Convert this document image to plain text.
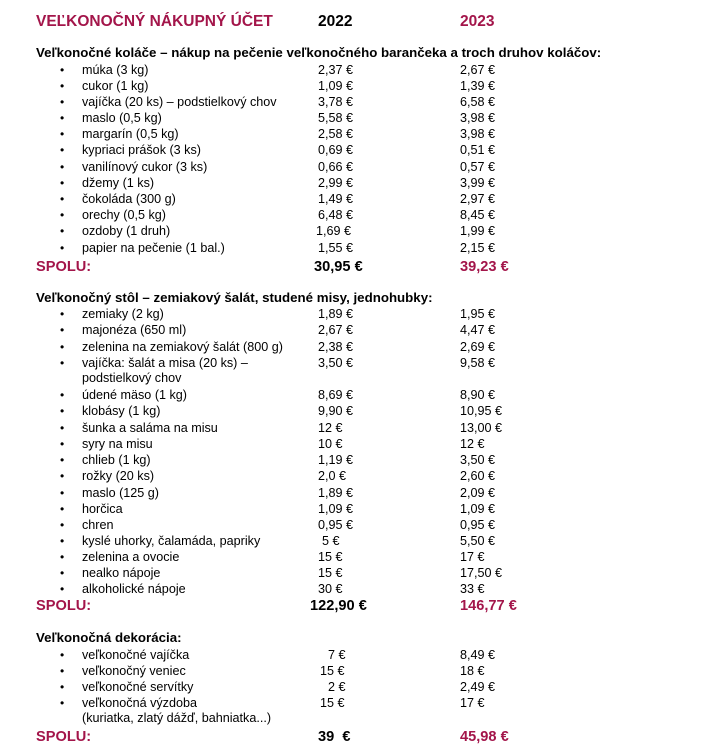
VEĽKONOČNÝ NÁKUPNÝ ÚČET	2022	2023
Veľkonočné koláče – nákup na pečenie veľkonočného barančeka a troch druhov koláčov:
• múka (3 kg)	2,37 €	2,67 €
• cukor (1 kg)	1,09 €	1,39 €
• vajíčka (20 ks) – podstielkový chov	3,78 €	6,58 €
• maslo (0,5 kg)	5,58 €	3,98 €
• margarín (0,5 kg)	2,58 €	3,98 €
• kypriaci prášok (3 ks)	0,69 €	0,51 €
• vanilínový cukor (3 ks)	0,66 €	0,57 €
• džemy (1 ks)	2,99 €	3,99 €
• čokoláda (300 g)	1,49 €	2,97 €
• orechy (0,5 kg)	6,48 €	8,45 €
• ozdoby (1 druh)	1,69 €	1,99 €
• papier na pečenie (1 bal.)	1,55 €	2,15 €
SPOLU:	30,95 €	39,23 €
Veľkonočný stôl – zemiakový šalát, studené misy, jednohubky:
• zemiaky (2 kg)	1,89 €	1,95 €
• majonéza (650 ml)	2,67 €	4,47 €
• zelenina na zemiakový šalát (800 g)	2,38 €	2,69 €
• vajíčka: šalát a misa (20 ks) –	3,50 €	9,58 €
podstielkový chov
• údené mäso (1 kg)	8,69 €	8,90 €
• klobásy (1 kg)	9,90 €	10,95 €
• šunka a saláma na misu	12 €	13,00 €
• syry na misu	10 €	12 €
• chlieb (1 kg)	1,19 €	3,50 €
• rožky (20 ks)	2,0 €	2,60 €
• maslo (125 g)	1,89 €	2,09 €
• horčica	1,09 €	1,09 €
• chren	0,95 €	0,95 €
• kyslé uhorky, čalamáda, papriky	5 €	5,50 €
• zelenina a ovocie	15 €	17 €
• nealko nápoje	15 €	17,50 €
• alkoholické nápoje	30 €	33 €
SPOLU:	122,90 €	146,77 €
Veľkonočná dekorácia:
• veľkonočné vajíčka	7 €	8,49 €
• veľkonočný veniec	15 €	18 €
• veľkonočné servítky	2 €	2,49 €
• veľkonočná výzdoba	15 €	17 €
(kuriatka, zlatý dážď, bahniatka...)
SPOLU:	39  €	45,98 €
